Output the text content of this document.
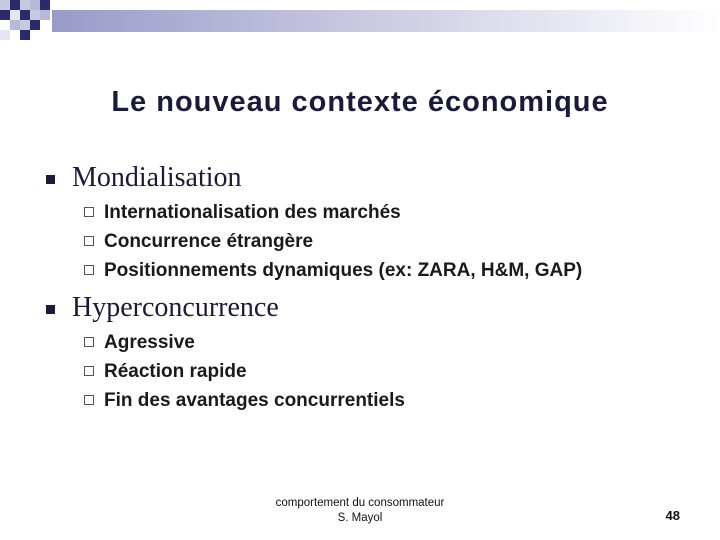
Le nouveau contexte économique
Mondialisation
Internationalisation des marchés
Concurrence étrangère
Positionnements dynamiques (ex: ZARA, H&M, GAP)
Hyperconcurrence
Agressive
Réaction rapide
Fin des avantages concurrentiels
comportement du consommateur
S. Mayol	48
